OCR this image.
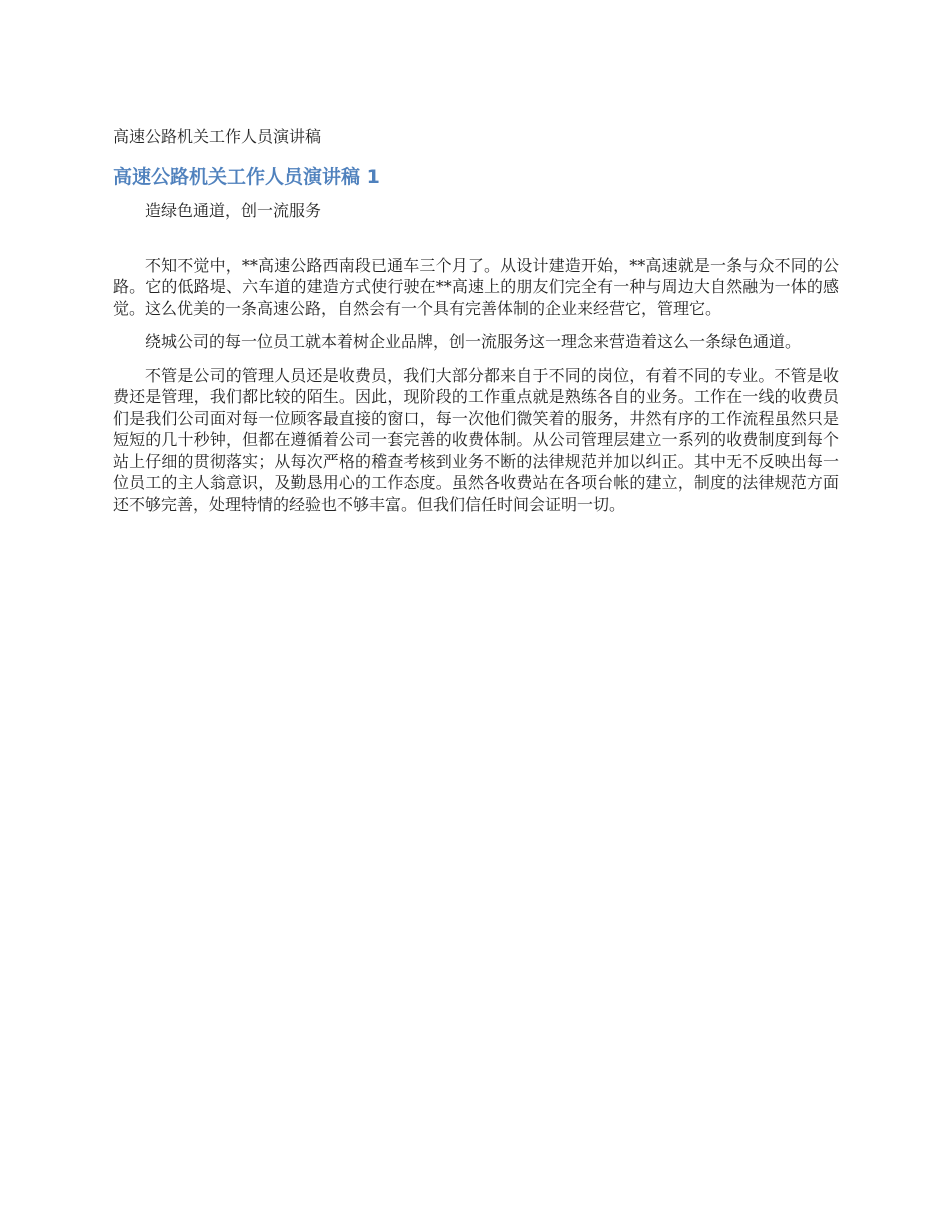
高速公路机关工作人员演讲稿
高速公路机关工作人员演讲稿 1

造绿色通道，创一流服务

不知不觉中，**高速公路西南段已通车三个月了。从设计建造开始，**高速就是一条与众不同的公路。它的低路堤、六车道的建造方式使行驶在**高速上的朋友们完全有一种与周边大自然融为一体的感觉。这么优美的一条高速公路，自然会有一个具有完善体制的企业来经营它，管理它。

绕城公司的每一位员工就本着树企业品牌，创一流服务这一理念来营造着这么一条绿色通道。

不管是公司的管理人员还是收费员，我们大部分都来自于不同的岗位，有着不同的专业。不管是收费还是管理，我们都比较的陌生。因此，现阶段的工作重点就是熟练各自的业务。工作在一线的收费员们是我们公司面对每一位顾客最直接的窗口，每一次他们微笑着的服务，井然有序的工作流程虽然只是短短的几十秒钟，但都在遵循着公司一套完善的收费体制。从公司管理层建立一系列的收费制度到每个站上仔细的贯彻落实；从每次严格的稽查考核到业务不断的法律规范并加以纠正。其中无不反映出每一位员工的主人翁意识，及勤恳用心的工作态度。虽然各收费站在各项台帐的建立，制度的法律规范方面还不够完善，处理特情的经验也不够丰富。但我们信任时间会证明一切。
